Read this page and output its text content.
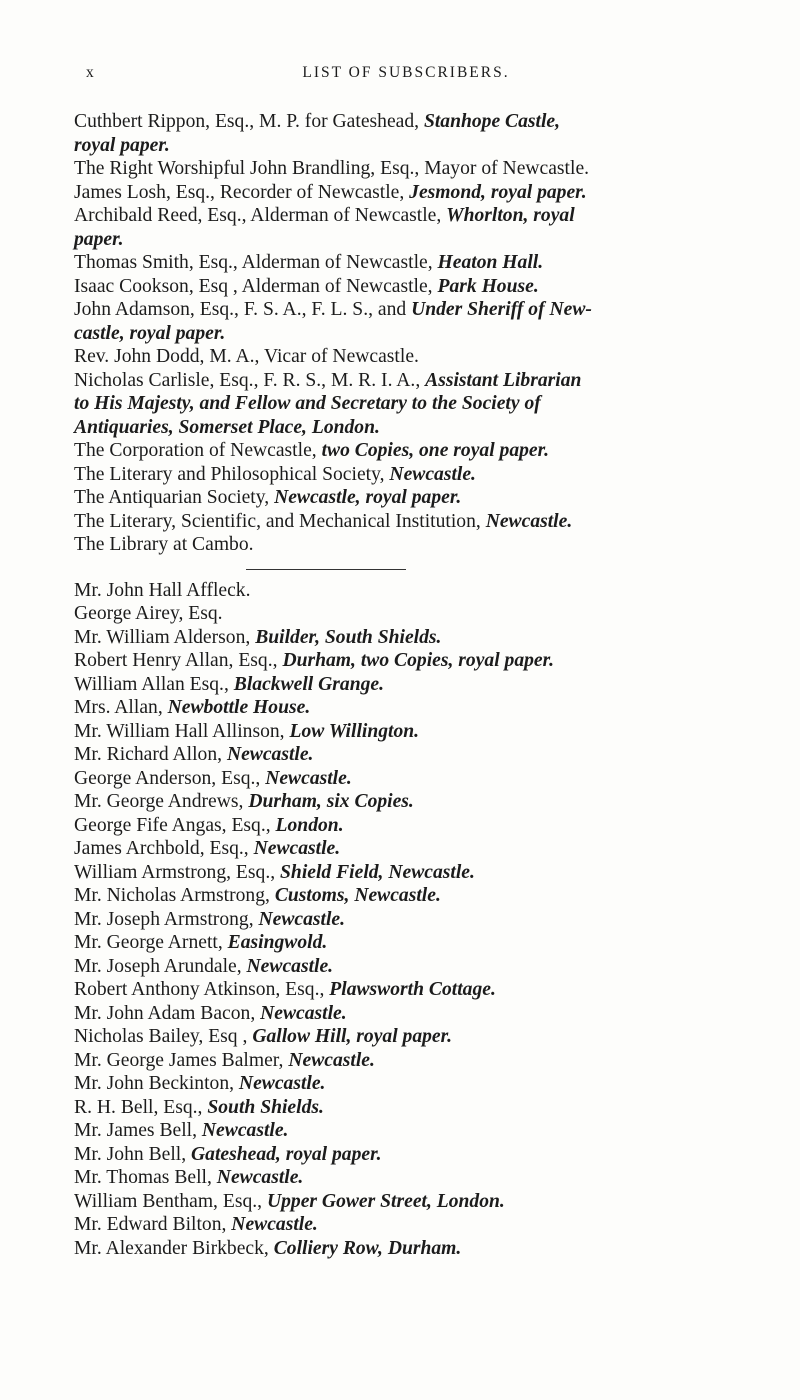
x	LIST OF SUBSCRIBERS.
Cuthbert Rippon, Esq., M. P. for Gateshead, Stanhope Castle,
royal paper.
The Right Worshipful John Brandling, Esq., Mayor of Newcastle.
James Losh, Esq., Recorder of Newcastle, Jesmond, royal paper.
Archibald Reed, Esq., Alderman of Newcastle, Whorlton, royal
paper.
Thomas Smith, Esq., Alderman of Newcastle, Heaton Hall.
Isaac Cookson, Esq , Alderman of Newcastle, Park House.
John Adamson, Esq., F. S. A., F. L. S., and Under Sheriff of New-
castle, royal paper.
Rev. John Dodd, M. A., Vicar of Newcastle.
Nicholas Carlisle, Esq., F. R. S., M. R. I. A., Assistant Librarian
to His Majesty, and Fellow and Secretary to the Society of
Antiquaries, Somerset Place, London.
The Corporation of Newcastle, two Copies, one royal paper.
The Literary and Philosophical Society, Newcastle.
The Antiquarian Society, Newcastle, royal paper.
The Literary, Scientific, and Mechanical Institution, Newcastle.
The Library at Cambo.
Mr. John Hall Affleck.
George Airey, Esq.
Mr. William Alderson, Builder, South Shields.
Robert Henry Allan, Esq., Durham, two Copies, royal paper.
William Allan Esq., Blackwell Grange.
Mrs. Allan, Newbottle House.
Mr. William Hall Allinson, Low Willington.
Mr. Richard Allon, Newcastle.
George Anderson, Esq., Newcastle.
Mr. George Andrews, Durham, six Copies.
George Fife Angas, Esq., London.
James Archbold, Esq., Newcastle.
William Armstrong, Esq., Shield Field, Newcastle.
Mr. Nicholas Armstrong, Customs, Newcastle.
Mr. Joseph Armstrong, Newcastle.
Mr. George Arnett, Easingwold.
Mr. Joseph Arundale, Newcastle.
Robert Anthony Atkinson, Esq., Plawsworth Cottage.
Mr. John Adam Bacon, Newcastle.
Nicholas Bailey, Esq , Gallow Hill, royal paper.
Mr. George James Balmer, Newcastle.
Mr. John Beckinton, Newcastle.
R. H. Bell, Esq., South Shields.
Mr. James Bell, Newcastle.
Mr. John Bell, Gateshead, royal paper.
Mr. Thomas Bell, Newcastle.
William Bentham, Esq., Upper Gower Street, London.
Mr. Edward Bilton, Newcastle.
Mr. Alexander Birkbeck, Colliery Row, Durham.
